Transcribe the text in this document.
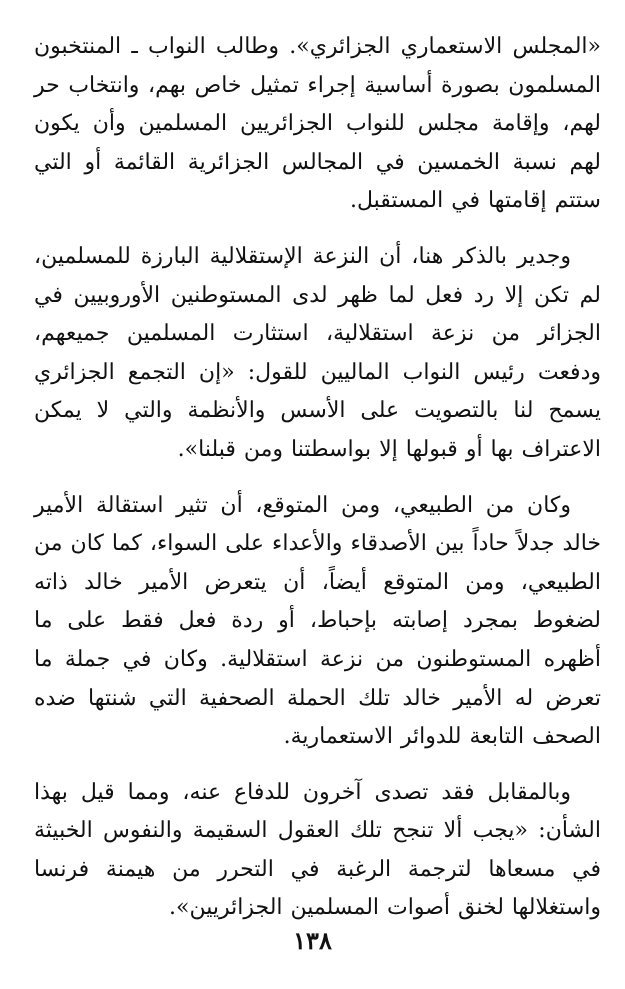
«المجلس الاستعماري الجزائري». وطالب النواب ـ المنتخبون المسلمون بصورة أساسية إجراء تمثيل خاص بهم، وانتخاب حر لهم، وإقامة مجلس للنواب الجزائريين المسلمين وأن يكون لهم نسبة الخمسين في المجالس الجزائرية القائمة أو التي ستتم إقامتها في المستقبل.

وجدير بالذكر هنا، أن النزعة الإستقلالية البارزة للمسلمين، لم تكن إلا رد فعل لما ظهر لدى المستوطنين الأوروبيين في الجزائر من نزعة استقلالية، استثارت المسلمين جميعهم، ودفعت رئيس النواب الماليين للقول: «إن التجمع الجزائري يسمح لنا بالتصويت على الأسس والأنظمة والتي لا يمكن الاعتراف بها أو قبولها إلا بواسطتنا ومن قبلنا».

وكان من الطبيعي، ومن المتوقع، أن تثير استقالة الأمير خالد جدلاً حاداً بين الأصدقاء والأعداء على السواء، كما كان من الطبيعي، ومن المتوقع أيضاً، أن يتعرض الأمير خالد ذاته لضغوط بمجرد إصابته بإحباط، أو ردة فعل فقط على ما أظهره المستوطنون من نزعة استقلالية. وكان في جملة ما تعرض له الأمير خالد تلك الحملة الصحفية التي شنتها ضده الصحف التابعة للدوائر الاستعمارية.

وبالمقابل فقد تصدى آخرون للدفاع عنه، ومما قيل بهذا الشأن: «يجب ألا تنجح تلك العقول السقيمة والنفوس الخبيثة في مسعاها لترجمة الرغبة في التحرر من هيمنة فرنسا واستغلالها لخنق أصوات المسلمين الجزائريين».

١٣٨
